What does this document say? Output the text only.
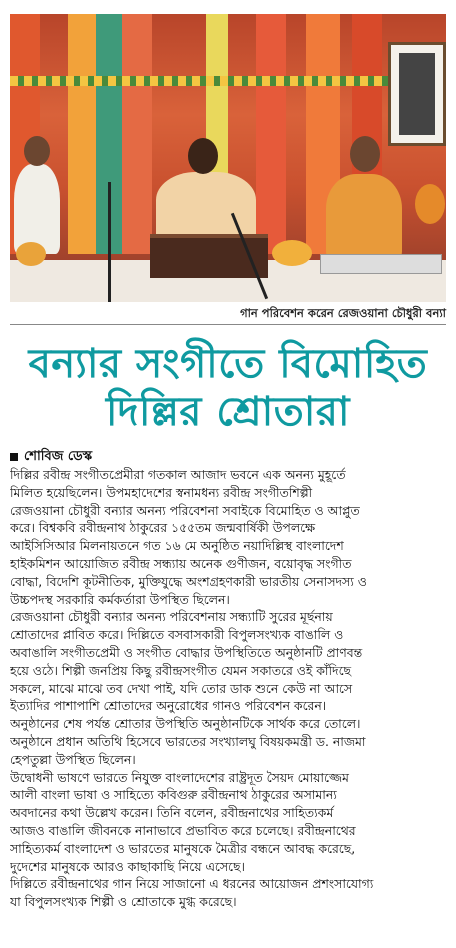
গান পরিবেশন করেন রেজওয়ানা চৌধুরী বন্যা
বন্যার সংগীতে বিমোহিত
দিল্লির শ্রোতারা
শোবিজ ডেস্ক
দিল্লির রবীন্দ্র সংগীতপ্রেমীরা গতকাল আজাদ ভবনে এক অনন্য মুহূর্তে
মিলিত হয়েছিলেন। উপমহাদেশের স্বনামধন্য রবীন্দ্র সংগীতশিল্পী
রেজওয়ানা চৌধুরী বন্যার অনন্য পরিবেশনা সবাইকে বিমোহিত ও আপ্লুত
করে। বিশ্বকবি রবীন্দ্রনাথ ঠাকুরের ১৫৫তম জন্মবার্ষিকী উপলক্ষে
আইসিসিআর মিলনায়তনে গত ১৬ মে অনুষ্ঠিত নয়াদিল্লিস্থ বাংলাদেশ
হাইকমিশন আয়োজিত রবীন্দ্র সন্ধ্যায় অনেক গুণীজন, বয়োবৃদ্ধ সংগীত
বোদ্ধা, বিদেশি কূটনীতিক, মুক্তিযুদ্ধে অংশগ্রহণকারী ভারতীয় সেনাসদস্য ও
উচ্চপদস্থ সরকারি কর্মকর্তারা উপস্থিত ছিলেন।
রেজওয়ানা চৌধুরী বন্যার অনন্য পরিবেশনায় সন্ধ্যাটি সুরের মূর্ছনায়
শ্রোতাদের প্লাবিত করে। দিল্লিতে বসবাসকারী বিপুলসংখ্যক বাঙালি ও
অবাঙালি সংগীতপ্রেমী ও সংগীত বোদ্ধার উপস্থিতিতে অনুষ্ঠানটি প্রাণবন্ত
হয়ে ওঠে। শিল্পী জনপ্রিয় কিছু রবীন্দ্রসংগীত যেমন সকাতরে ওই কাঁদিছে
সকলে, মাঝে মাঝে তব দেখা পাই, যদি তোর ডাক শুনে কেউ না আসে
ইত্যাদির পাশাপাশি শ্রোতাদের অনুরোধের গানও পরিবেশন করেন।
অনুষ্ঠানের শেষ পর্যন্ত শ্রোতার উপস্থিতি অনুষ্ঠানটিকে সার্থক করে তোলে।
অনুষ্ঠানে প্রধান অতিথি হিসেবে ভারতের সংখ্যালঘু বিষয়কমন্ত্রী ড. নাজমা
হেপতুল্লা উপস্থিত ছিলেন।
উদ্বোধনী ভাষণে ভারতে নিযুক্ত বাংলাদেশের রাষ্ট্রদূত সৈয়দ মোয়াজ্জেম
আলী বাংলা ভাষা ও সাহিত্যে কবিগুরু রবীন্দ্রনাথ ঠাকুরের অসামান্য
অবদানের কথা উল্লেখ করেন। তিনি বলেন, রবীন্দ্রনাথের সাহিত্যকর্ম
আজও বাঙালি জীবনকে নানাভাবে প্রভাবিত করে চলেছে। রবীন্দ্রনাথের
সাহিত্যকর্ম বাংলাদেশ ও ভারতের মানুষকে মৈত্রীর বন্ধনে আবদ্ধ করেছে,
দুদেশের মানুষকে আরও কাছাকাছি নিয়ে এসেছে।
দিল্লিতে রবীন্দ্রনাথের গান নিয়ে সাজানো এ ধরনের আয়োজন প্রশংসাযোগ্য
যা বিপুলসংখ্যক শিল্পী ও শ্রোতাকে মুগ্ধ করেছে।
